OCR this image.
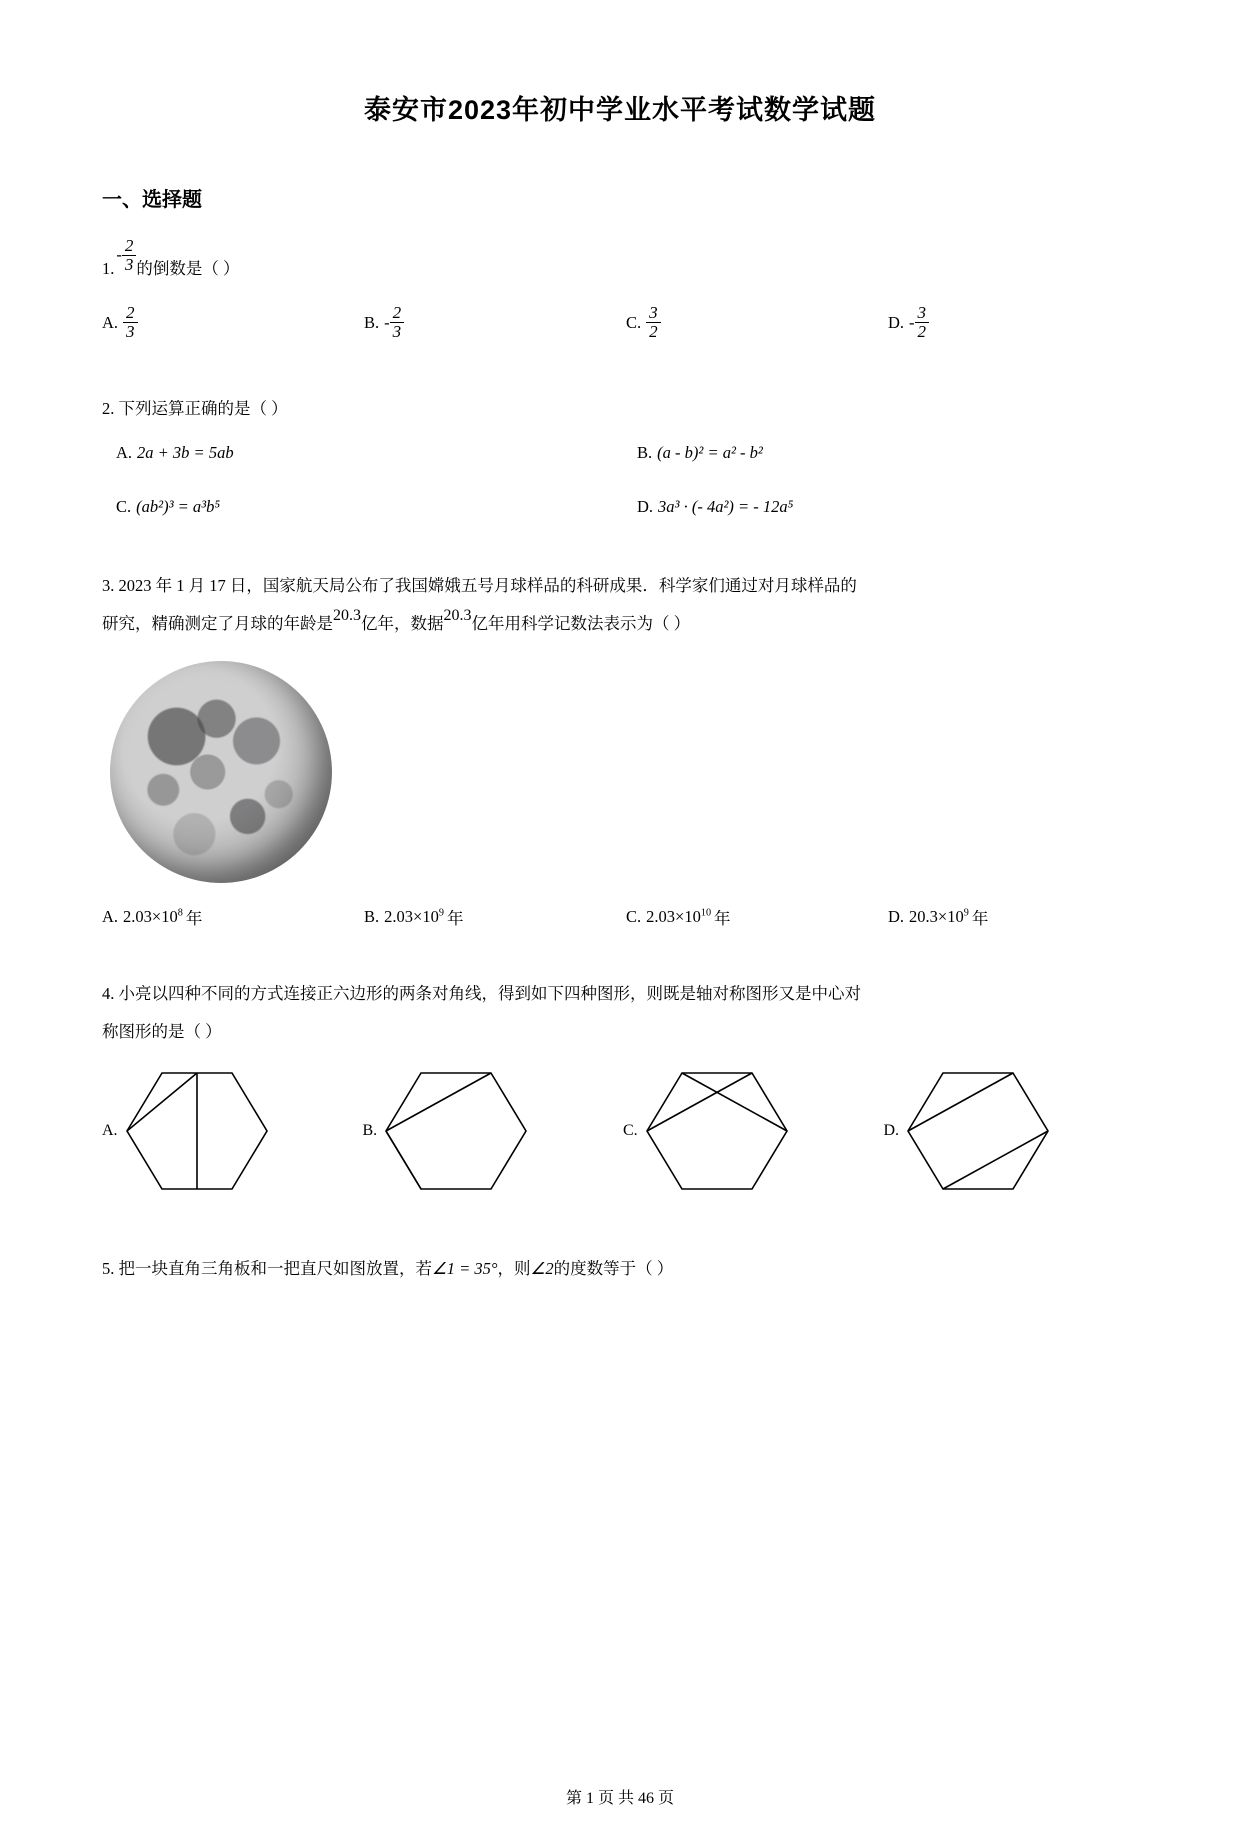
泰安市2023年初中学业水平考试数学试题
一、选择题
1.
- $\frac{2}{3}$ 的倒数是（ ）
A. $\frac{2}{3}$	B. - $\frac{2}{3}$	C. $\frac{3}{2}$	D. - $\frac{3}{2}$
2. 下列运算正确的是（ ）
A. 2a + 3b = 5ab	B. (a - b)² = a² - b²
C. (ab²)³ = a³b⁵	D. 3a³ · (- 4a²) = - 12a⁵
3. 2023 年 1 月 17 日，国家航天局公布了我国嫦娥五号月球样品的科研成果．科学家们通过对月球样品的
研究，精确测定了月球的年龄是20.3亿年，数据20.3亿年用科学记数法表示为（ ）
A. $2.03\times 10^8$ 年	B. $2.03\times 10^9$ 年	C. $2.03\times 10^{10}$ 年	D. $20.3\times 10^9$ 年
4. 小亮以四种不同的方式连接正六边形的两条对角线，得到如下四种图形，则既是轴对称图形又是中心对
称图形的是（ ）
A.	B.	C.	D.
5. 把一块直角三角板和一把直尺如图放置，若∠1 = 35°，则∠2的度数等于（ ）
第 1 页 共 46 页
